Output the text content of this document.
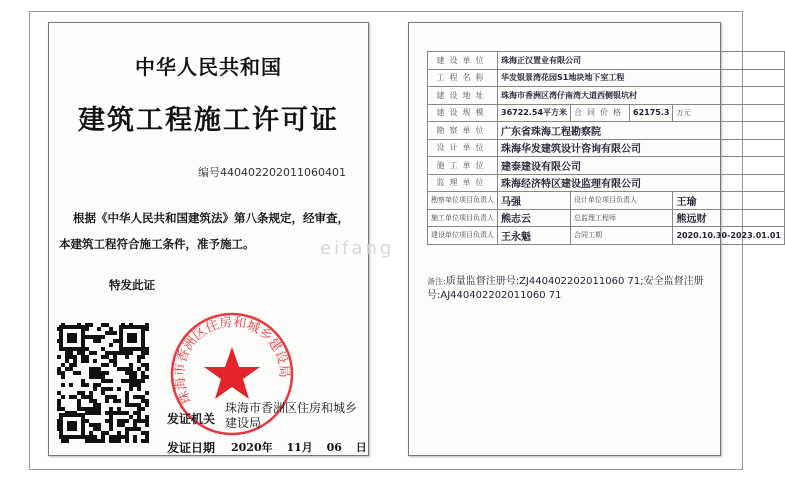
中华人民共和国
建筑工程施工许可证
编号440402202011060401
根据《中华人民共和国建筑法》第八条规定，经审查，
本建筑工程符合施工条件，准予施工。
特发此证
珠海市香洲区住房和城乡建设局
发证机关
珠海市香洲区住房和城乡建设局
发证日期 2020年 11月 06 日
建设单位	珠海正汉置业有限公司			
工程名称	华发银景湾花园S1地块地下室工程			
建设地址	珠海市香洲区湾仔南湾大道西侧银坑村			
建设规模	36722.54平方米	合同价格	62175.3	万元
勘察单位	广东省珠海工程勘察院			
设计单位	珠海华发建筑设计咨询有限公司			
施工单位	建泰建设有限公司			
监理单位	珠海经济特区建设监理有限公司			
勘察单位项目负责人	马强	设计单位项目负责人		王瑜
施工单位项目负责人	熊志云	总监理工程师		熊远财
建设单位项目负责人	王永魁	合同工期		2020.10.30-2023.01.01
备注:质量监督注册号:ZJ440402202011060 71;安全监督注册号:AJ440402202011060 71
eifang
